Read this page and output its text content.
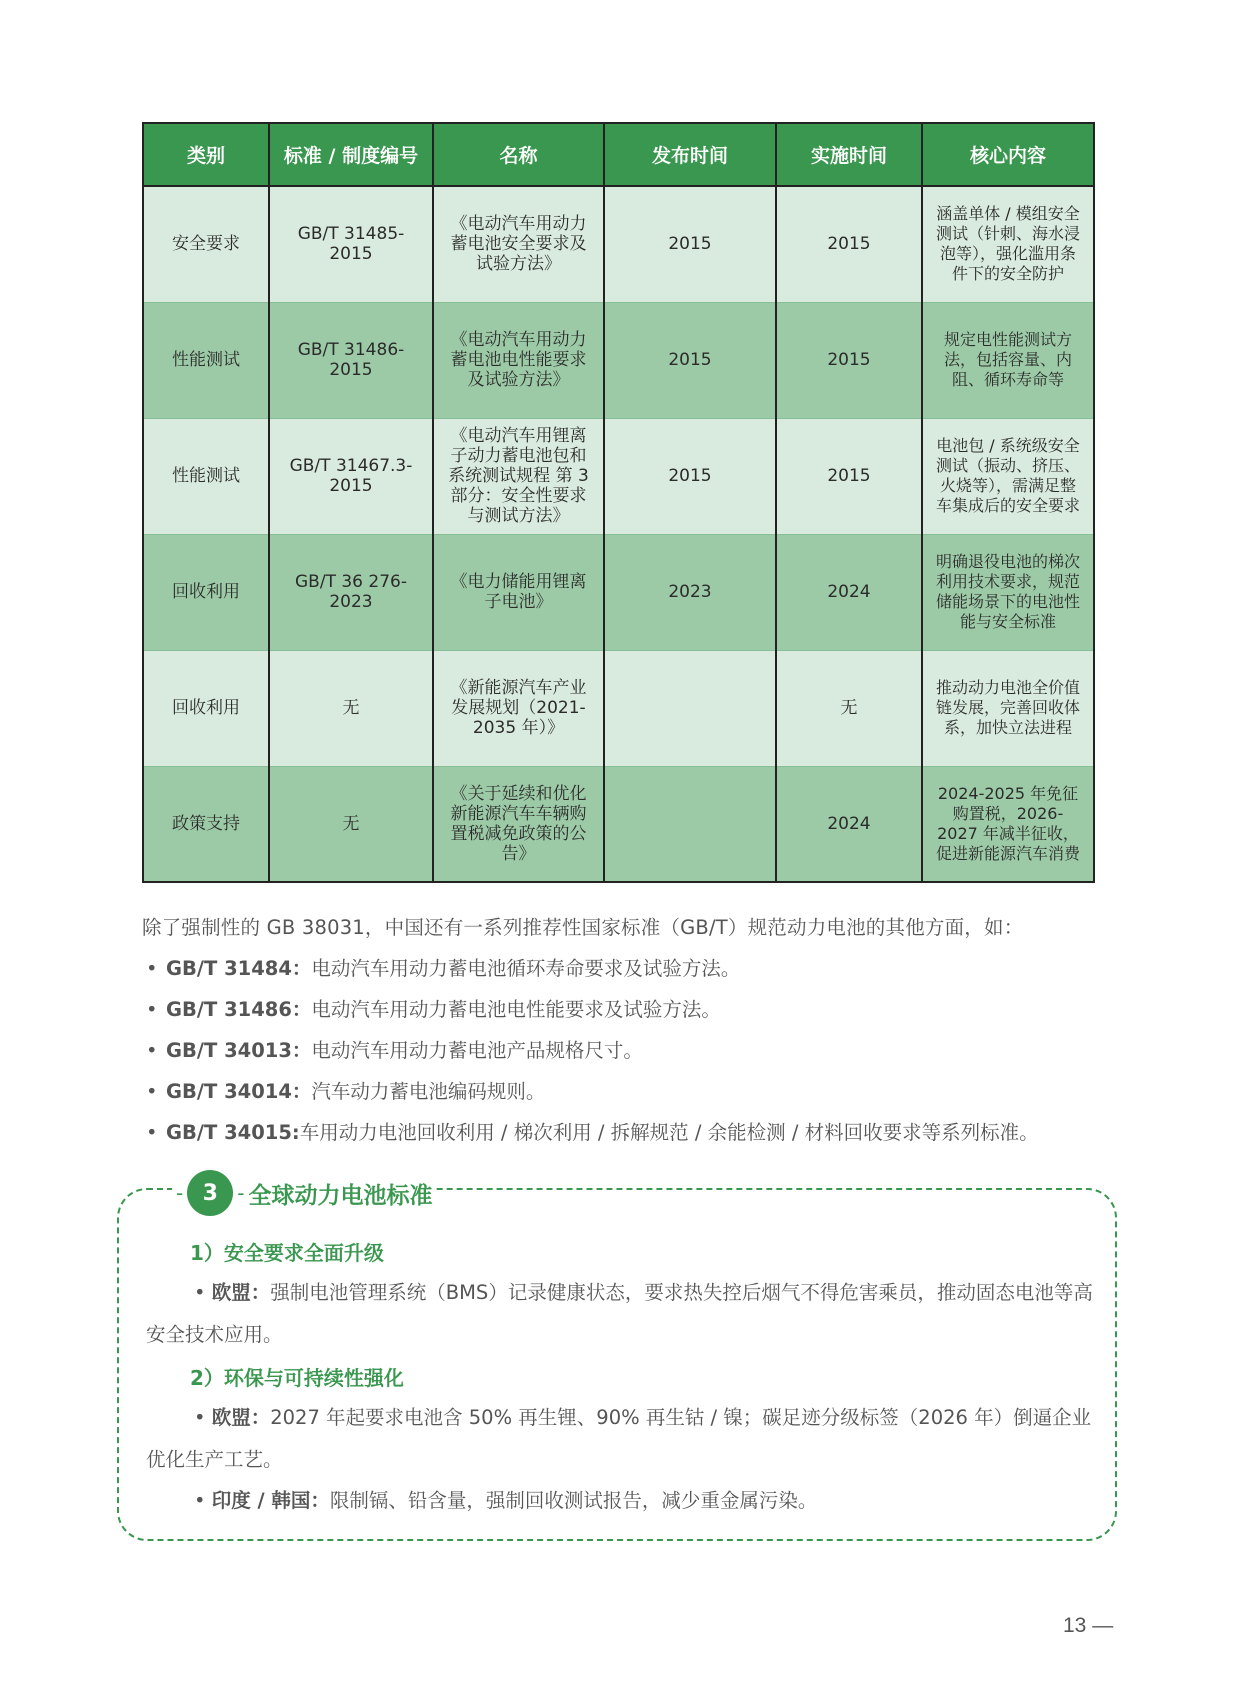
类别	标准 / 制度编号	名称	发布时间	实施时间	核心内容
安全要求	GB/T 31485-2015	《电动汽车用动力蓄电池安全要求及试验方法》	2015	2015	涵盖单体 / 模组安全测试（针刺、海水浸泡等），强化滥用条件下的安全防护
性能测试	GB/T 31486-2015	《电动汽车用动力蓄电池电性能要求及试验方法》	2015	2015	规定电性能测试方法，包括容量、内阻、循环寿命等
性能测试	GB/T 31467.3-2015	《电动汽车用锂离子动力蓄电池包和系统测试规程 第 3 部分：安全性要求与测试方法》	2015	2015	电池包 / 系统级安全测试（振动、挤压、火烧等），需满足整车集成后的安全要求
回收利用	GB/T 36 276-2023	《电力储能用锂离子电池》	2023	2024	明确退役电池的梯次利用技术要求，规范储能场景下的电池性能与安全标准
回收利用	无	《新能源汽车产业发展规划（2021-2035 年）》		无	推动动力电池全价值链发展，完善回收体系，加快立法进程
政策支持	无	《关于延续和优化新能源汽车车辆购置税减免政策的公告》		2024	2024-2025 年免征购置税，2026-2027 年减半征收，促进新能源汽车消费

除了强制性的 GB 38031，中国还有一系列推荐性国家标准（GB/T）规范动力电池的其他方面，如：

• GB/T 31484：电动汽车用动力蓄电池循环寿命要求及试验方法。
• GB/T 31486：电动汽车用动力蓄电池电性能要求及试验方法。
• GB/T 34013：电动汽车用动力蓄电池产品规格尺寸。
• GB/T 34014：汽车动力蓄电池编码规则。
• GB/T 34015:车用动力电池回收利用 / 梯次利用 / 拆解规范 / 余能检测 / 材料回收要求等系列标准。
- 3 - 全球动力电池标准
1）安全要求全面升级
• 欧盟：强制电池管理系统（BMS）记录健康状态，要求热失控后烟气不得危害乘员，推动固态电池等高安全技术应用。
2）环保与可持续性强化
• 欧盟：2027 年起要求电池含 50% 再生锂、90% 再生钴 / 镍；碳足迹分级标签（2026 年）倒逼企业优化生产工艺。
• 印度 / 韩国：限制镉、铅含量，强制回收测试报告，减少重金属污染。
13 —
